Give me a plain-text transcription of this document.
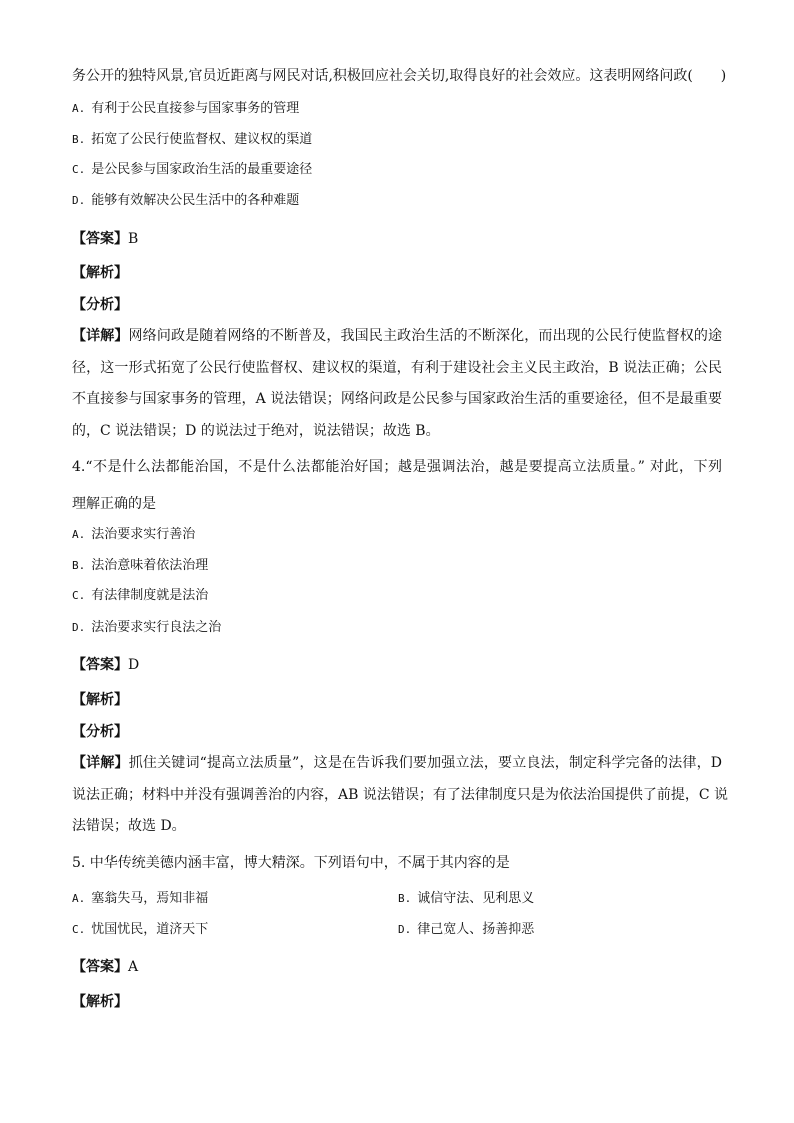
务公开的独特风景,官员近距离与网民对话,积极回应社会关切,取得良好的社会效应。这表明网络问政(　　)
A. 有利于公民直接参与国家事务的管理
B. 拓宽了公民行使监督权、建议权的渠道
C. 是公民参与国家政治生活的最重要途径
D. 能够有效解决公民生活中的各种难题
【答案】B
【解析】
【分析】
【详解】网络问政是随着网络的不断普及，我国民主政治生活的不断深化，而出现的公民行使监督权的途
径，这一形式拓宽了公民行使监督权、建议权的渠道，有利于建设社会主义民主政治，B 说法正确；公民
不直接参与国家事务的管理，A 说法错误；网络问政是公民参与国家政治生活的重要途径，但不是最重要
的，C 说法错误；D 的说法过于绝对，说法错误；故选 B。
4.“不是什么法都能治国，不是什么法都能治好国；越是强调法治，越是要提高立法质量。” 对此，下列
理解正确的是
A. 法治要求实行善治
B. 法治意味着依法治理
C. 有法律制度就是法治
D. 法治要求实行良法之治
【答案】D
【解析】
【分析】
【详解】抓住关键词“提高立法质量”，这是在告诉我们要加强立法，要立良法，制定科学完备的法律，D
说法正确；材料中并没有强调善治的内容，AB 说法错误；有了法律制度只是为依法治国提供了前提，C 说
法错误；故选 D。
5. 中华传统美德内涵丰富，博大精深。下列语句中，不属于其内容的是
A. 塞翁失马，焉知非福	B. 诚信守法、见利思义
C. 忧国忧民，道济天下	D. 律己宽人、扬善抑恶
【答案】A
【解析】
